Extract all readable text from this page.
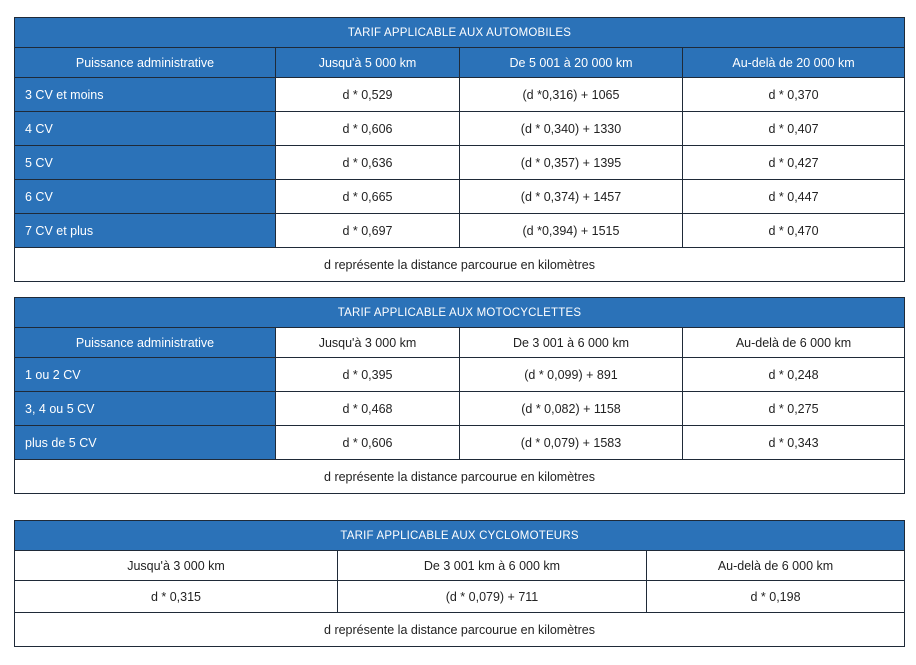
TARIF APPLICABLE AUX AUTOMOBILES			
Puissance administrative	Jusqu'à 5 000 km	De 5 001 à 20 000 km	Au-delà de 20 000 km
3 CV et moins	d * 0,529	(d *0,316) + 1065	d * 0,370
4 CV	d * 0,606	(d * 0,340) + 1330	d * 0,407
5 CV	d * 0,636	(d * 0,357) + 1395	d * 0,427
6 CV	d * 0,665	(d * 0,374) + 1457	d * 0,447
7 CV et plus	d * 0,697	(d *0,394) + 1515	d * 0,470
d représente la distance parcourue en kilomètres			
TARIF APPLICABLE AUX MOTOCYCLETTES			
Puissance administrative	Jusqu'à 3 000 km	De 3 001 à 6 000 km	Au-delà de 6 000 km
1 ou 2 CV	d * 0,395	(d * 0,099) + 891	d * 0,248
3, 4 ou 5 CV	d * 0,468	(d * 0,082) + 1158	d * 0,275
plus de 5 CV	d * 0,606	(d * 0,079) + 1583	d * 0,343
d représente la distance parcourue en kilomètres			
TARIF APPLICABLE AUX CYCLOMOTEURS		
Jusqu'à 3 000 km	De 3 001 km à 6 000 km	Au-delà de 6 000 km
d * 0,315	(d * 0,079) + 711	d * 0,198
d représente la distance parcourue en kilomètres		
